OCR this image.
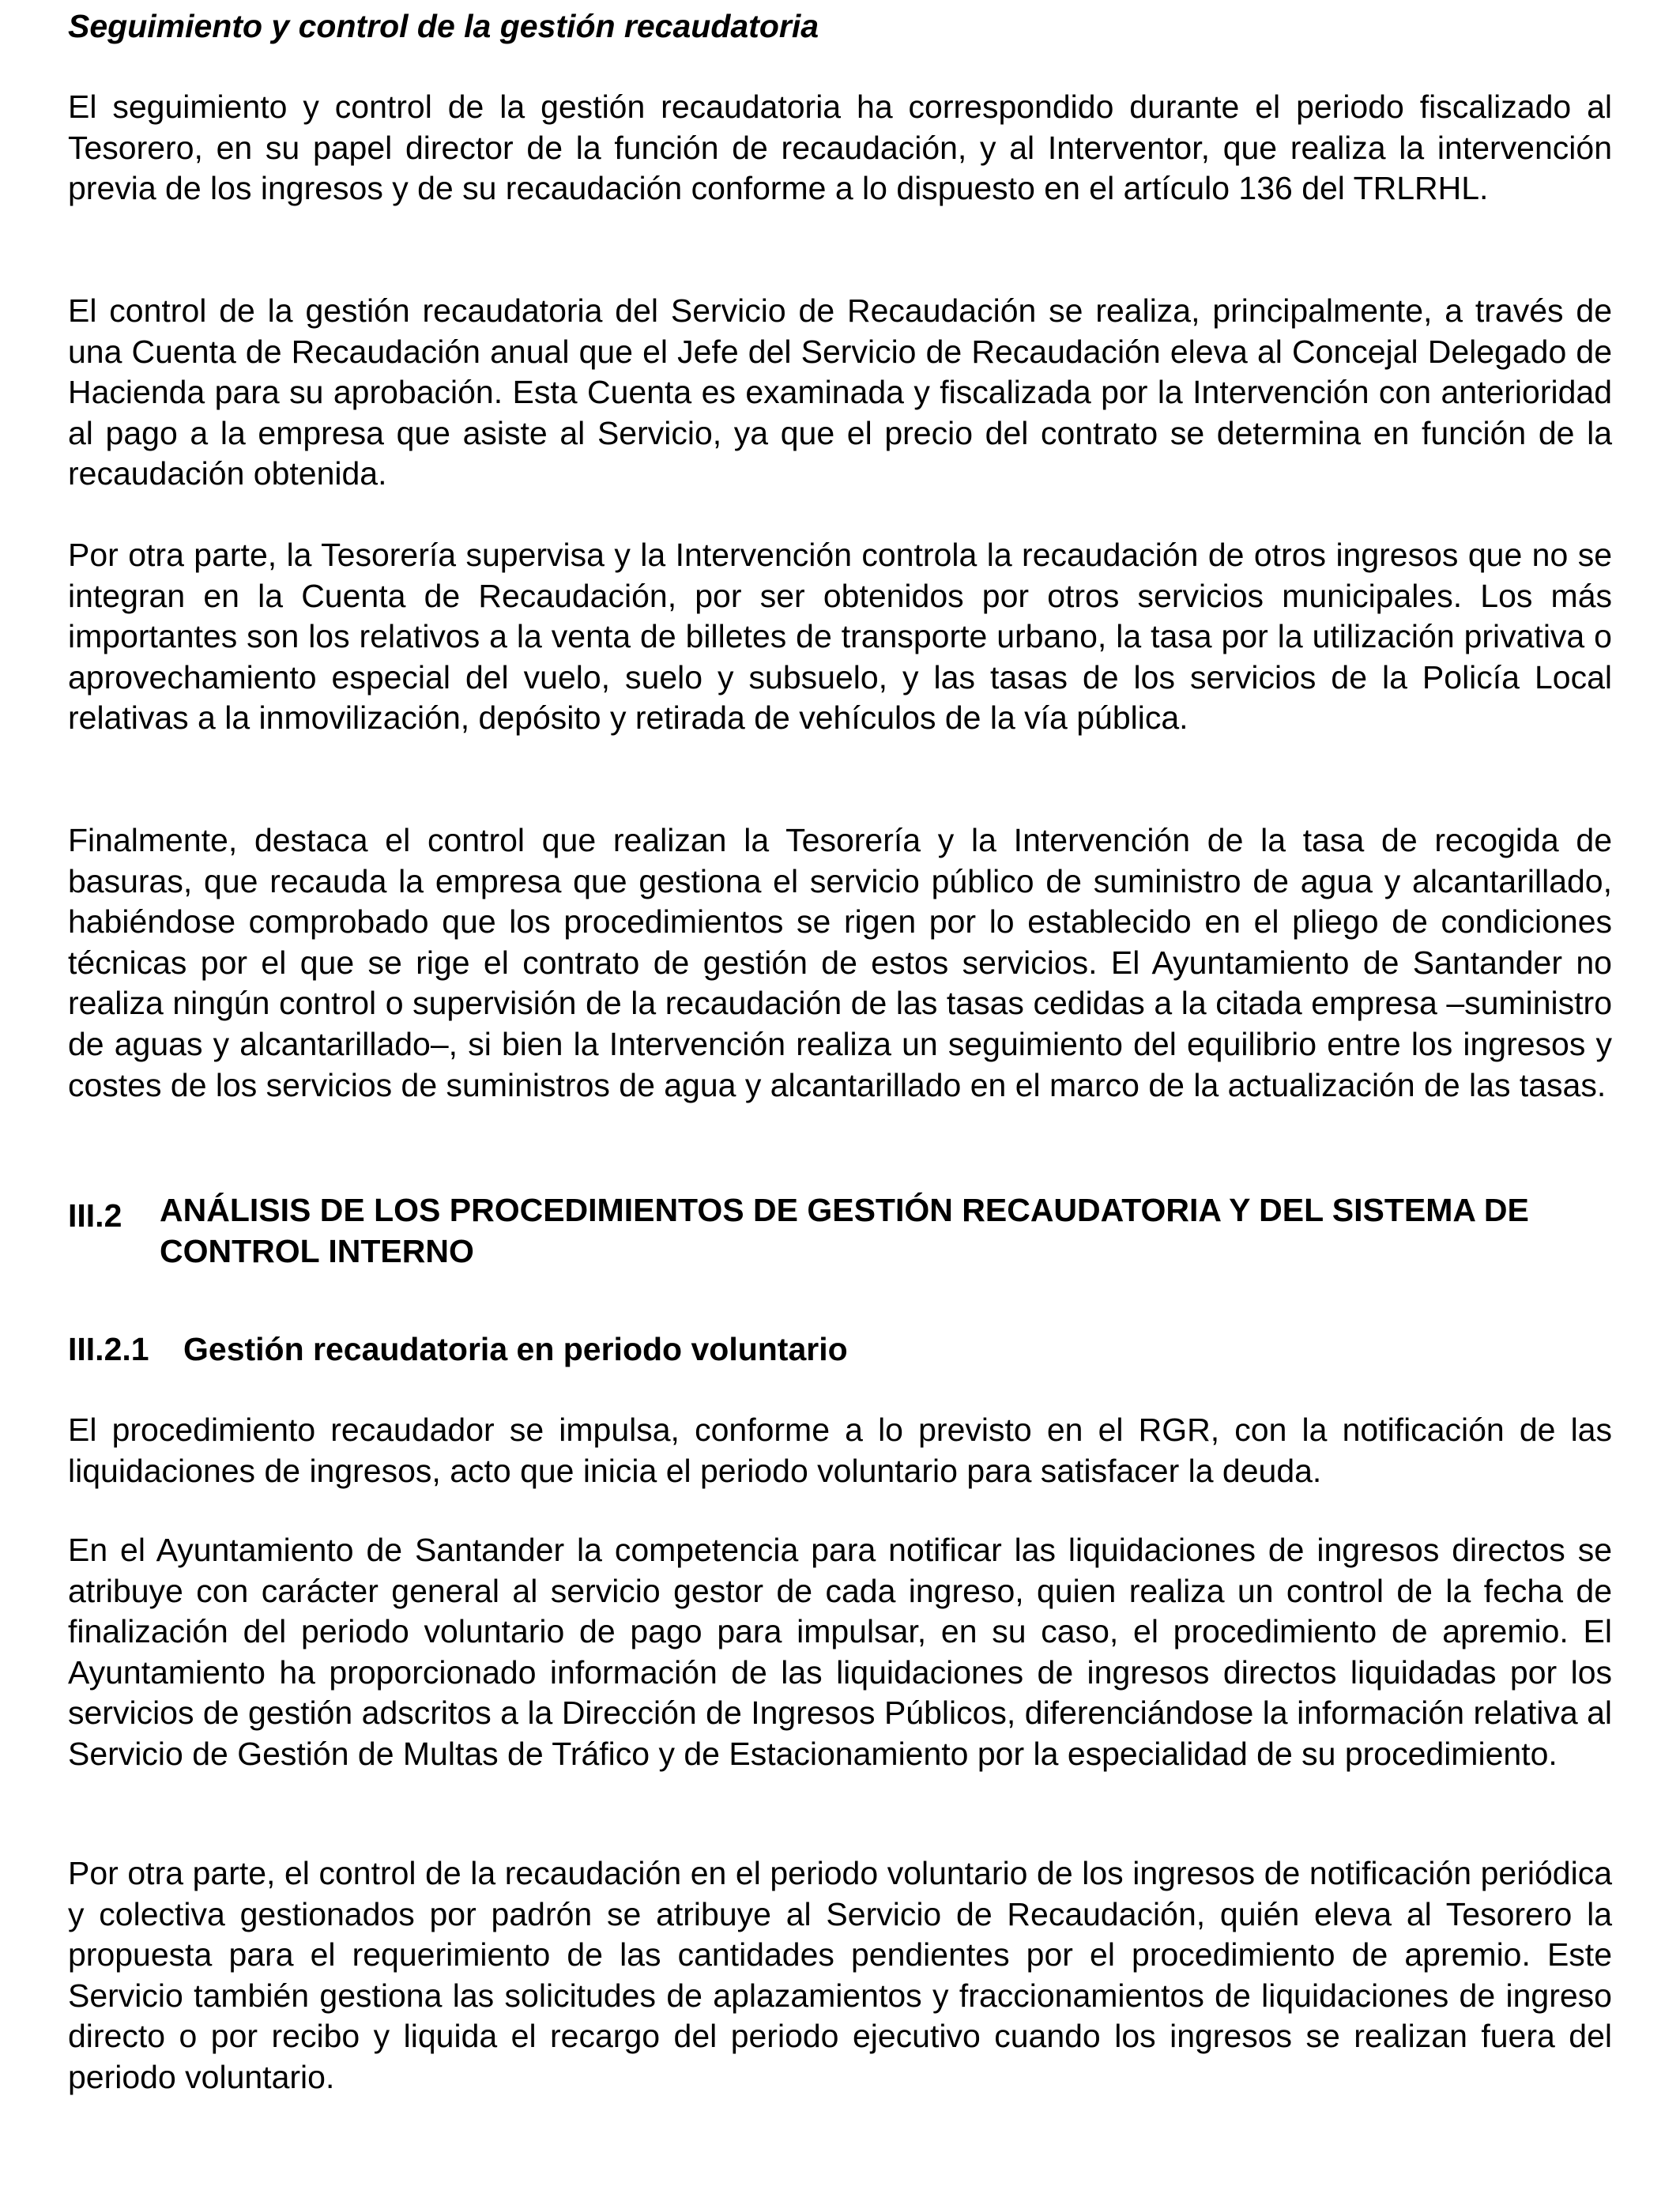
Seguimiento y control de la gestión recaudatoria

El seguimiento y control de la gestión recaudatoria ha correspondido durante el periodo fiscalizado al Tesorero, en su papel director de la función de recaudación, y al Interventor, que realiza la intervención previa de los ingresos y de su recaudación conforme a lo dispuesto en el artículo 136 del TRLRHL.

El control de la gestión recaudatoria del Servicio de Recaudación se realiza, principalmente, a través de una Cuenta de Recaudación anual que el Jefe del Servicio de Recaudación eleva al Concejal Delegado de Hacienda para su aprobación. Esta Cuenta es examinada y fiscalizada por la Intervención con anterioridad al pago a la empresa que asiste al Servicio, ya que el precio del contrato se determina en función de la recaudación obtenida.

Por otra parte, la Tesorería supervisa y la Intervención controla la recaudación de otros ingresos que no se integran en la Cuenta de Recaudación, por ser obtenidos por otros servicios municipales. Los más importantes son los relativos a la venta de billetes de transporte urbano, la tasa por la utilización privativa o aprovechamiento especial del vuelo, suelo y subsuelo, y las tasas de los servicios de la Policía Local relativas a la inmovilización, depósito y retirada de vehículos de la vía pública.

Finalmente, destaca el control que realizan la Tesorería y la Intervención de la tasa de recogida de basuras, que recauda la empresa que gestiona el servicio público de suministro de agua y alcantarillado, habiéndose comprobado que los procedimientos se rigen por lo establecido en el pliego de condiciones técnicas por el que se rige el contrato de gestión de estos servicios. El Ayuntamiento de Santander no realiza ningún control o supervisión de la recaudación de las tasas cedidas a la citada empresa –suministro de aguas y alcantarillado–, si bien la Intervención realiza un seguimiento del equilibrio entre los ingresos y costes de los servicios de suministros de agua y alcantarillado en el marco de la actualización de las tasas.

III.2 ANÁLISIS DE LOS PROCEDIMIENTOS DE GESTIÓN RECAUDATORIA Y DEL SISTEMA DE CONTROL INTERNO

III.2.1 Gestión recaudatoria en periodo voluntario

El procedimiento recaudador se impulsa, conforme a lo previsto en el RGR, con la notificación de las liquidaciones de ingresos, acto que inicia el periodo voluntario para satisfacer la deuda.

En el Ayuntamiento de Santander la competencia para notificar las liquidaciones de ingresos directos se atribuye con carácter general al servicio gestor de cada ingreso, quien realiza un control de la fecha de finalización del periodo voluntario de pago para impulsar, en su caso, el procedimiento de apremio. El Ayuntamiento ha proporcionado información de las liquidaciones de ingresos directos liquidadas por los servicios de gestión adscritos a la Dirección de Ingresos Públicos, diferenciándose la información relativa al Servicio de Gestión de Multas de Tráfico y de Estacionamiento por la especialidad de su procedimiento.

Por otra parte, el control de la recaudación en el periodo voluntario de los ingresos de notificación periódica y colectiva gestionados por padrón se atribuye al Servicio de Recaudación, quién eleva al Tesorero la propuesta para el requerimiento de las cantidades pendientes por el procedimiento de apremio. Este Servicio también gestiona las solicitudes de aplazamientos y fraccionamientos de liquidaciones de ingreso directo o por recibo y liquida el recargo del periodo ejecutivo cuando los ingresos se realizan fuera del periodo voluntario.
